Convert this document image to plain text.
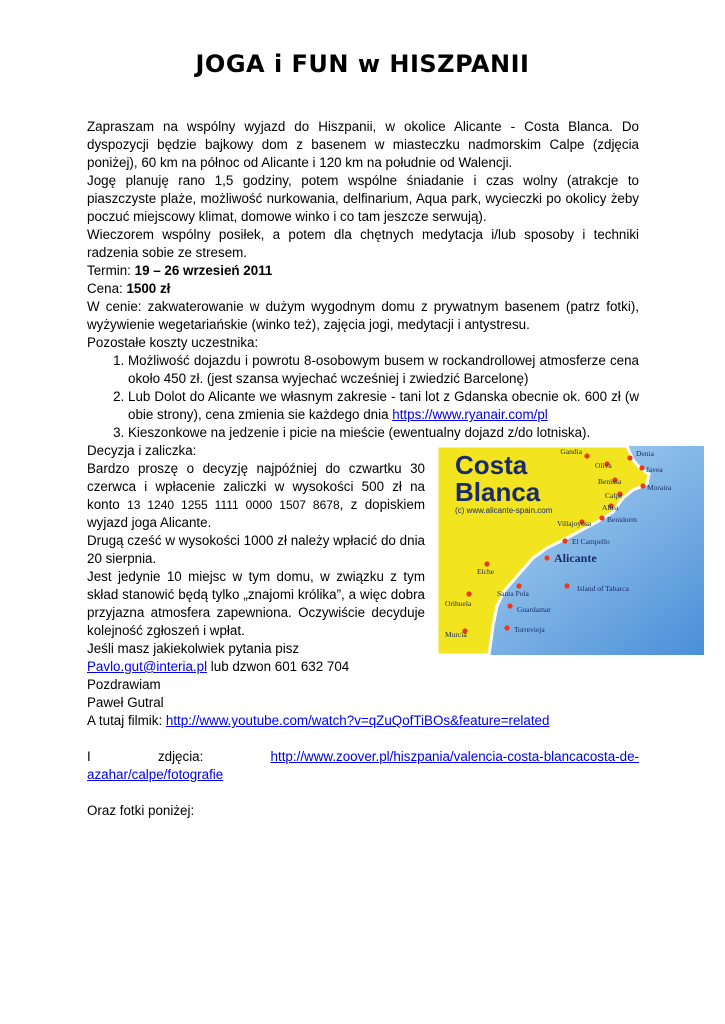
JOGA i FUN w HISZPANII

Zapraszam na wspólny wyjazd do Hiszpanii, w okolice Alicante - Costa Blanca. Do dyspozycji będzie bajkowy dom z basenem w miasteczku nadmorskim Calpe (zdjęcia poniżej), 60 km na północ od Alicante i 120 km na południe od Walencji.

Jogę planuję rano 1,5 godziny, potem wspólne śniadanie i czas wolny (atrakcje to piaszczyste plaże, możliwość nurkowania, delfinarium, Aqua park, wycieczki po okolicy żeby poczuć miejscowy klimat, domowe winko i co tam jeszcze serwują).

Wieczorem wspólny posiłek, a potem dla chętnych medytacja i/lub sposoby i techniki radzenia sobie ze stresem.

Termin: 19 – 26 wrzesień 2011

Cena: 1500 zł

W cenie: zakwaterowanie w dużym wygodnym domu z prywatnym basenem (patrz fotki), wyżywienie wegetariańskie (winko też), zajęcia jogi, medytacji i antystresu.

Pozostałe koszty uczestnika:

1. Możliwość dojazdu i powrotu 8-osobowym busem w rockandrollowej atmosferze cena około 450 zł. (jest szansa wyjechać wcześniej i zwiedzić Barcelonę)
2. Lub Dolot do Alicante we własnym zakresie - tani lot z Gdanska obecnie ok. 600 zł (w obie strony), cena zmienia sie każdego dnia https://www.ryanair.com/pl
3. Kieszonkowe na jedzenie i picie na mieście (ewentualny dojazd z/do lotniska).

Decyzja i zaliczka:

Bardzo proszę o decyzję najpóźniej do czwartku 30 czerwca i wpłacenie zaliczki w wysokości 500 zł na konto 13 1240 1255 1111 0000 1507 8678, z dopiskiem wyjazd joga Alicante.

Drugą cześć w wysokości 1000 zł należy wpłacić do dnia 20 sierpnia.

Jest jedynie 10 miejsc w tym domu, w związku z tym skład stanowić będą tylko „znajomi królika”, a więc dobra przyjazna atmosfera zapewniona. Oczywiście decyduje kolejność zgłoszeń i wpłat.

Jeśli masz jakiekolwiek pytania pisz

Pavlo.gut@interia.pl lub dzwon 601 632 704

Pozdrawiam

Paweł Gutral

A tutaj filmik: http://www.youtube.com/watch?v=qZuQofTiBOs&feature=related

I	zdjęcia:	http://www.zoover.pl/hiszpania/valencia-costa-blancacosta-de-

azahar/calpe/fotografie

Oraz fotki poniżej:

Costa
Blanca
(c) www.alicante-spain.com
Gandia	Denia
Oliva	Javea
Benissa
Moraira
Calpe
Altea
Villajoyosa Benidorm
El Campello
Alicante
Elche
Island of Tabarca
Santa Pola
Orihuela
Guardamar
Torrevieja
Murcia
